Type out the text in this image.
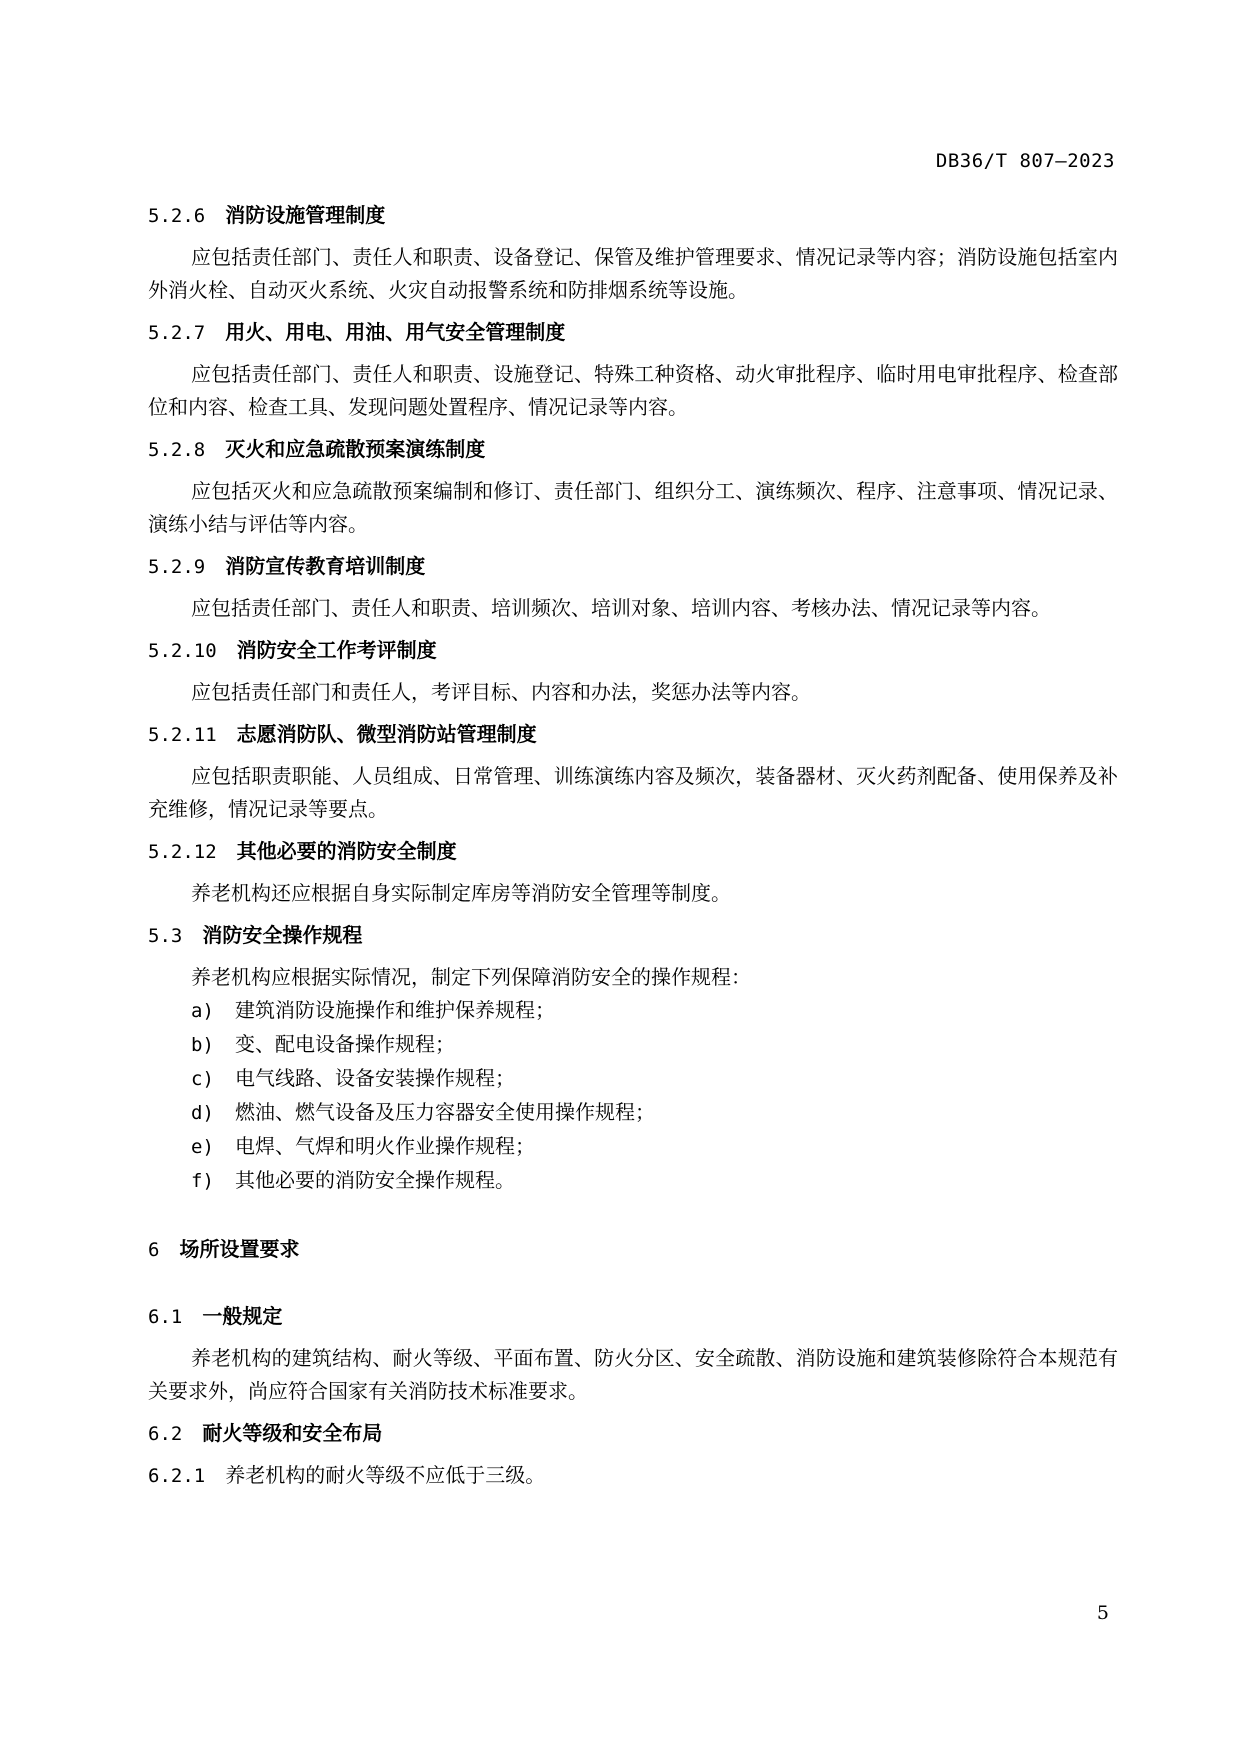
DB36/T 807—2023
5.2.6 消防设施管理制度

应包括责任部门、责任人和职责、设备登记、保管及维护管理要求、情况记录等内容；消防设施包括室内外消火栓、自动灭火系统、火灾自动报警系统和防排烟系统等设施。

5.2.7 用火、用电、用油、用气安全管理制度

应包括责任部门、责任人和职责、设施登记、特殊工种资格、动火审批程序、临时用电审批程序、检查部位和内容、检查工具、发现问题处置程序、情况记录等内容。

5.2.8 灭火和应急疏散预案演练制度

应包括灭火和应急疏散预案编制和修订、责任部门、组织分工、演练频次、程序、注意事项、情况记录、演练小结与评估等内容。

5.2.9 消防宣传教育培训制度

应包括责任部门、责任人和职责、培训频次、培训对象、培训内容、考核办法、情况记录等内容。

5.2.10 消防安全工作考评制度

应包括责任部门和责任人，考评目标、内容和办法，奖惩办法等内容。

5.2.11 志愿消防队、微型消防站管理制度

应包括职责职能、人员组成、日常管理、训练演练内容及频次，装备器材、灭火药剂配备、使用保养及补充维修，情况记录等要点。

5.2.12 其他必要的消防安全制度

养老机构还应根据自身实际制定库房等消防安全管理等制度。

5.3 消防安全操作规程

养老机构应根据实际情况，制定下列保障消防安全的操作规程：

a) 建筑消防设施操作和维护保养规程；
b) 变、配电设备操作规程；
c) 电气线路、设备安装操作规程；
d) 燃油、燃气设备及压力容器安全使用操作规程；
e) 电焊、气焊和明火作业操作规程；
f) 其他必要的消防安全操作规程。
6 场所设置要求
6.1 一般规定

养老机构的建筑结构、耐火等级、平面布置、防火分区、安全疏散、消防设施和建筑装修除符合本规范有关要求外，尚应符合国家有关消防技术标准要求。

6.2 耐火等级和安全布局
6.2.1 养老机构的耐火等级不应低于三级。
5
